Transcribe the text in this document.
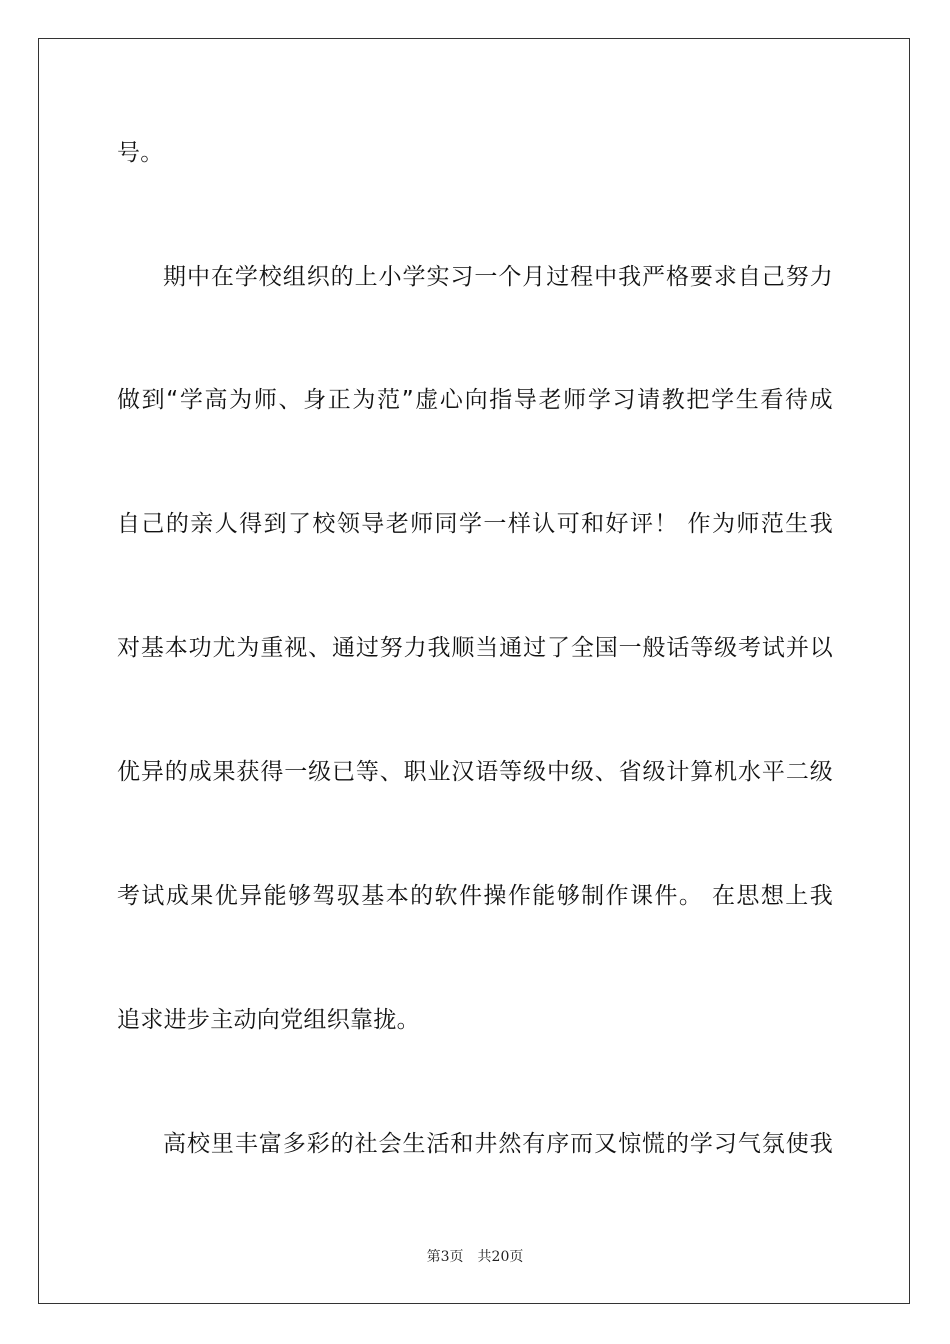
号。
期中在学校组织的上小学实习一个月过程中我严格要求自己努力
做到“学高为师、身正为范”虚心向指导老师学习请教把学生看待成
自己的亲人得到了校领导老师同学一样认可和好评！ 作为师范生我
对基本功尤为重视、通过努力我顺当通过了全国一般话等级考试并以
优异的成果获得一级已等、职业汉语等级中级、省级计算机水平二级
考试成果优异能够驾驭基本的软件操作能够制作课件。 在思想上我
追求进步主动向党组织靠拢。
高校里丰富多彩的社会生活和井然有序而又惊慌的学习气氛使我
第3页 共20页
